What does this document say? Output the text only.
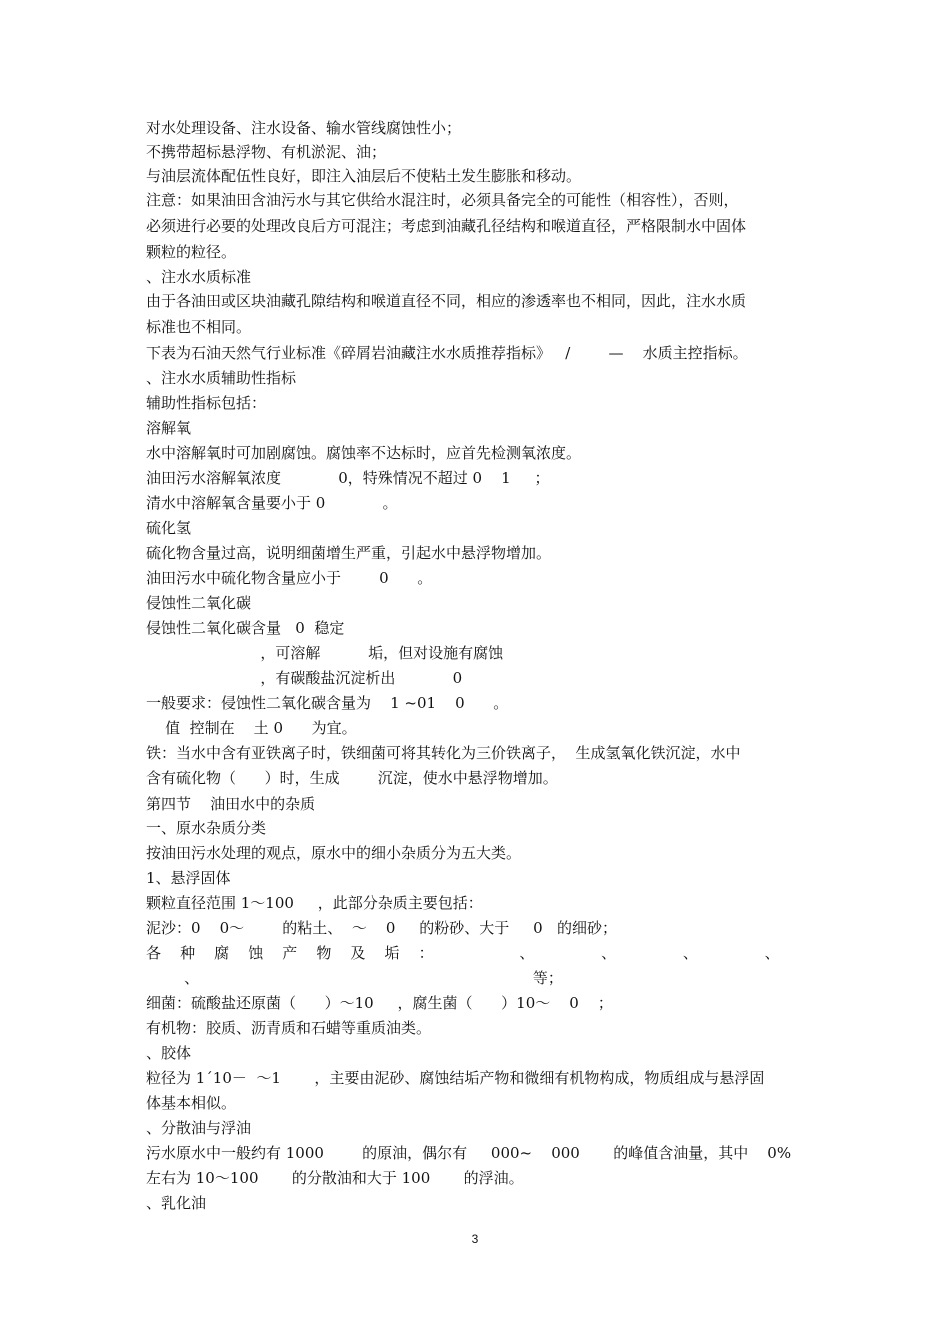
对水处理设备、注水设备、输水管线腐蚀性小；
不携带超标悬浮物、有机淤泥、油；
与油层流体配伍性良好，即注入油层后不使粘土发生膨胀和移动。
注意：如果油田含油污水与其它供给水混注时，必须具备完全的可能性（相容性），否则，
必须进行必要的处理改良后方可混注；考虑到油藏孔径结构和喉道直径，严格限制水中固体
颗粒的粒径。
、注水水质标准
由于各油田或区块油藏孔隙结构和喉道直径不同，相应的渗透率也不相同，因此，注水水质
标准也不相同。
下表为石油天然气行业标准《碎屑岩油藏注水水质推荐指标》   /        —    水质主控指标。
、注水水质辅助性指标
辅助性指标包括：
溶解氧
水中溶解氧时可加剧腐蚀。腐蚀率不达标时，应首先检测氧浓度。
油田污水溶解氧浓度            0，特殊情况不超过 0    1     ；
清水中溶解氧含量要小于 0            。
硫化氢
硫化物含量过高，说明细菌增生严重，引起水中悬浮物增加。
油田污水中硫化物含量应小于        0      。
侵蚀性二氧化碳
侵蚀性二氧化碳含量   0  稳定
，可溶解          垢，但对设施有腐蚀
，有碳酸盐沉淀析出            0
一般要求：侵蚀性二氧化碳含量为    1 ~01    0      。
值  控制在    土 0      为宜。
铁：当水中含有亚铁离子时，铁细菌可将其转化为三价铁离子，  生成氢氧化铁沉淀，水中
含有硫化物（      ）时，生成        沉淀，使水中悬浮物增加。
第四节    油田水中的杂质
一、原水杂质分类
按油田污水处理的观点，原水中的细小杂质分为五大类。
1、悬浮固体
颗粒直径范围 1～100     ，此部分杂质主要包括：
泥沙：0    0～        的粘土、  ～    0     的粉砂、大于     0   的细砂；
各    种    腐    蚀    产    物    及    垢    ：                  、              、              、              、
、                                                                      等；
细菌：硫酸盐还原菌（      ）～10     ，腐生菌（      ）10～    0    ；
有机物：胶质、沥青质和石蜡等重质油类。
、胶体
粒径为 1´10－  ～1       ，主要由泥砂、腐蚀结垢产物和微细有机物构成，物质组成与悬浮固
体基本相似。
、分散油与浮油
污水原水中一般约有 1000        的原油，偶尔有     000~    000       的峰值含油量，其中    0%
左右为 10～100       的分散油和大于 100       的浮油。
、乳化油
3
